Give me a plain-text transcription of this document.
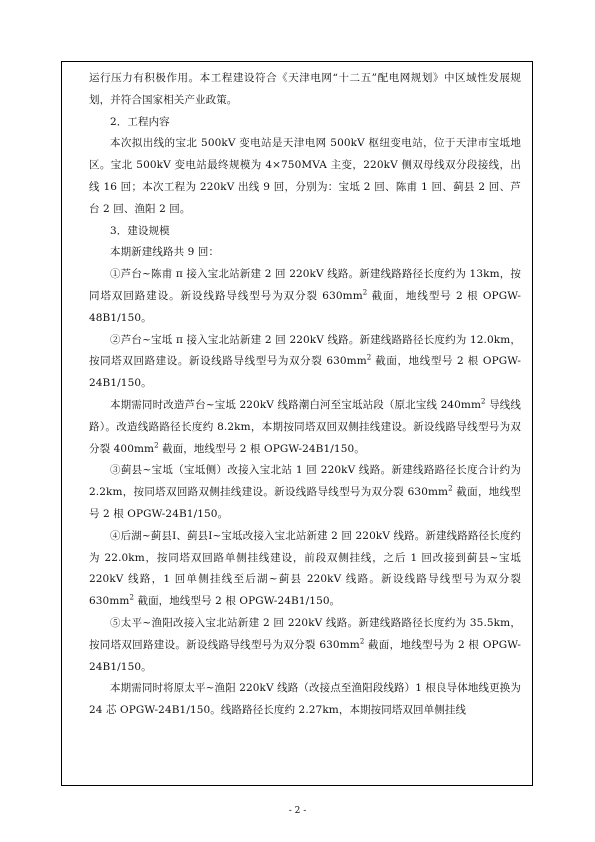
运行压力有积极作用。本工程建设符合《天津电网“十二五”配电网规划》中区域性发展规划，并符合国家相关产业政策。

2．工程内容

本次拟出线的宝北 500kV 变电站是天津电网 500kV 枢纽变电站，位于天津市宝坻地区。宝北 500kV 变电站最终规模为 4×750MVA 主变，220kV 侧双母线双分段接线，出线 16 回；本次工程为 220kV 出线 9 回，分别为：宝坻 2 回、陈甫 1 回、蓟县 2 回、芦台 2 回、渔阳 2 回。

3．建设规模

本期新建线路共 9 回：

①芦台~陈甫 π 接入宝北站新建 2 回 220kV 线路。新建线路路径长度约为 13km，按同塔双回路建设。新设线路导线型号为双分裂 $630mm^2$ 截面，地线型号 2 根 OPGW-48B1/150。

②芦台~宝坻 π 接入宝北站新建 2 回 220kV 线路。新建线路路径长度约为 12.0km，按同塔双回路建设。新设线路导线型号为双分裂 $630mm^2$ 截面，地线型号 2 根 OPGW-24B1/150。

本期需同时改造芦台~宝坻 220kV 线路潮白河至宝坻站段（原北宝线 $240mm^2$ 导线线路）。改造线路路径长度约 8.2km，本期按同塔双回双侧挂线建设。新设线路导线型号为双分裂 $400mm^2$ 截面，地线型号 2 根 OPGW-24B1/150。

③蓟县~宝坻（宝坻侧）改接入宝北站 1 回 220kV 线路。新建线路路径长度合计约为 2.2km，按同塔双回路双侧挂线建设。新设线路导线型号为双分裂 $630mm^2$ 截面，地线型号 2 根 OPGW-24B1/150。

④后湖~蓟县Ⅰ、蓟县Ⅰ~宝坻改接入宝北站新建 2 回 220kV 线路。新建线路路径长度约为 22.0km，按同塔双回路单侧挂线建设，前段双侧挂线，之后 1 回改接到蓟县~宝坻 220kV 线路，1 回单侧挂线至后湖~蓟县 220kV 线路。新设线路导线型号为双分裂 $630mm^2$ 截面，地线型号 2 根 OPGW-24B1/150。

⑤太平~渔阳改接入宝北站新建 2 回 220kV 线路。新建线路路径长度约为 35.5km，按同塔双回路建设。新设线路导线型号为双分裂 $630mm^2$ 截面，地线型号为 2 根 OPGW-24B1/150。

本期需同时将原太平~渔阳 220kV 线路（改接点至渔阳段线路）1 根良导体地线更换为 24 芯 OPGW-24B1/150。线路路径长度约 2.27km，本期按同塔双回单侧挂线

- 2 -
